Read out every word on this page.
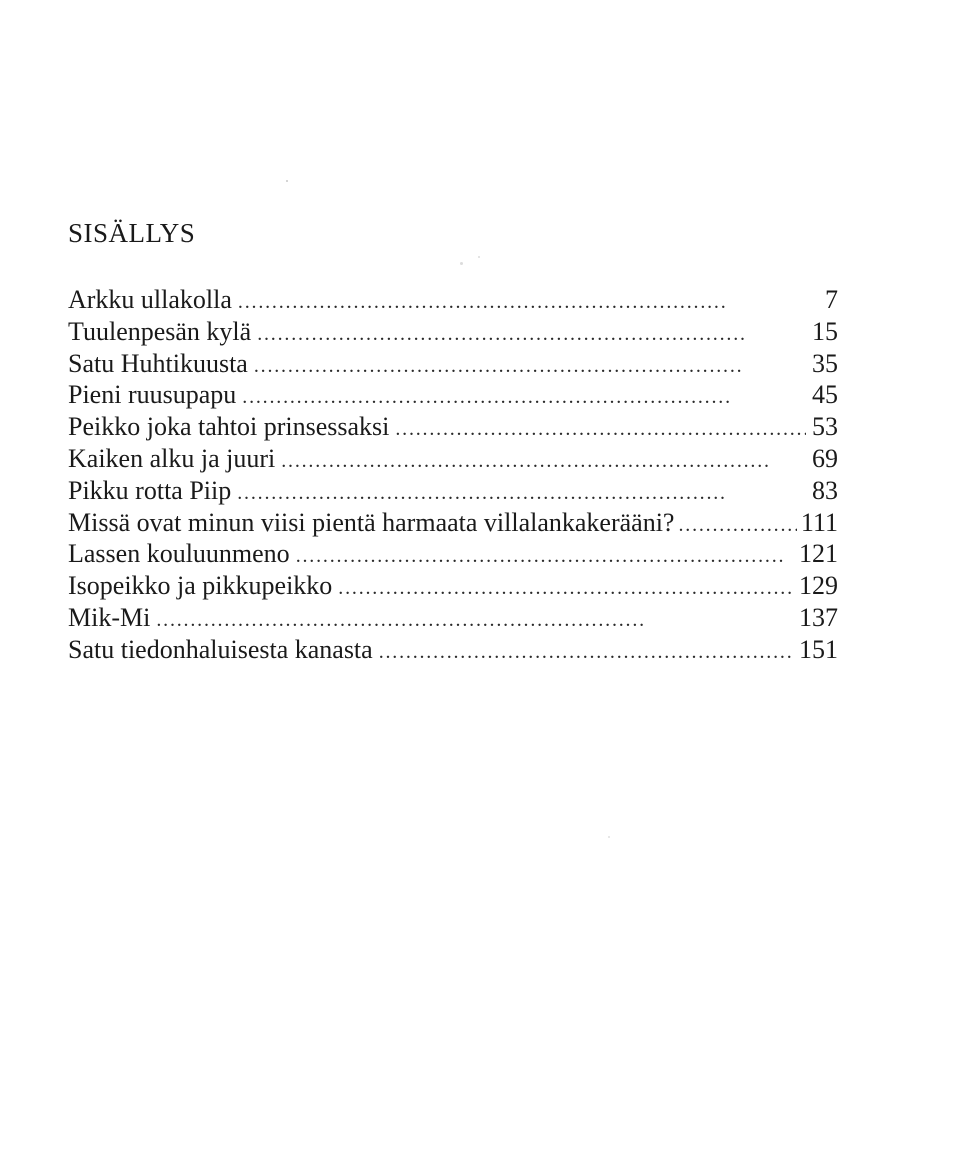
SISÄLLYS
Arkku ullakolla . . .	7
Tuulenpesän kylä . . .	15
Satu Huhtikuusta . . .	35
Pieni ruusupapu . . .	45
Peikko joka tahtoi prinsessaksi . . .	53
Kaiken alku ja juuri . . .	69
Pikku rotta Piip . . .	83
Missä ovat minun viisi pientä harmaata villalankakerääni? . . .	111
Lassen kouluunmeno . . .	121
Isopeikko ja pikkupeikko . . .	129
Mik-Mi . . .	137
Satu tiedonhaluisesta kanasta . . .	151
